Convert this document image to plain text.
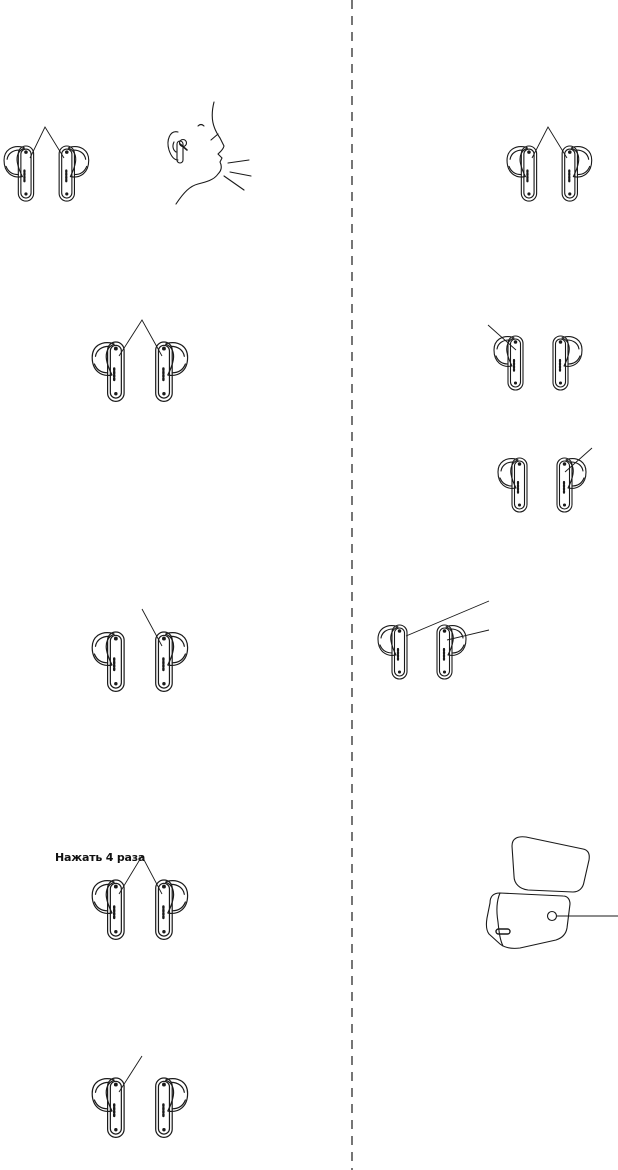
Нажать 4 раза
